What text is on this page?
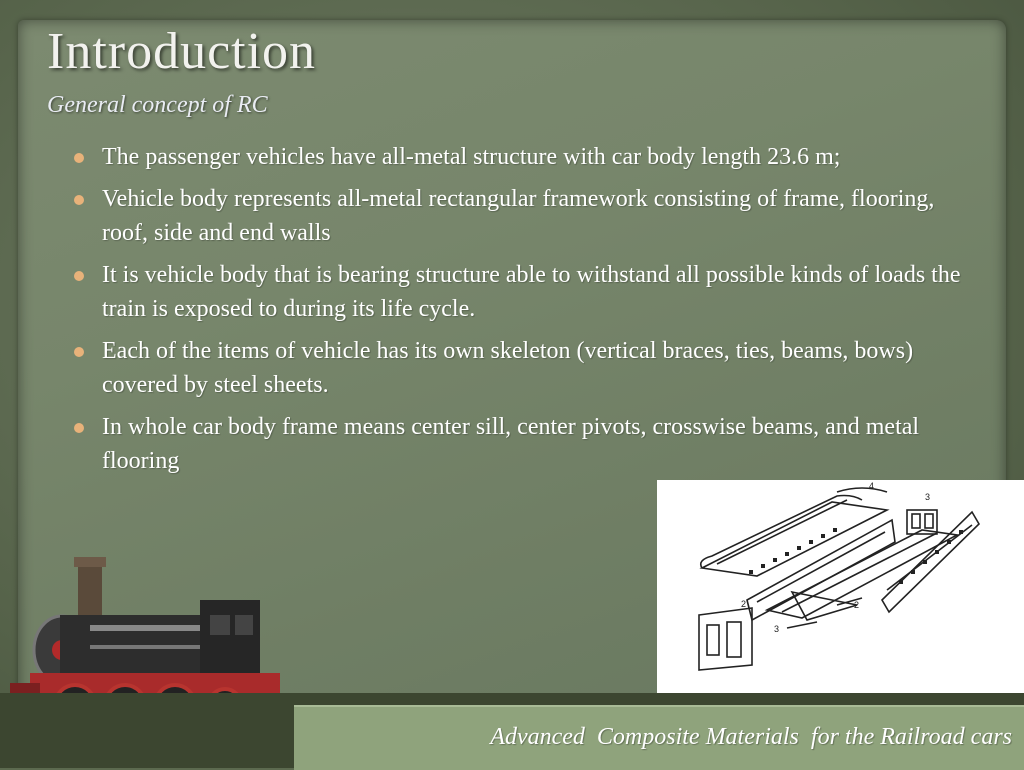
Introduction
General concept of RC
The passenger vehicles have all-metal structure with car body length 23.6 m;
Vehicle body represents all-metal rectangular framework consisting of frame, flooring, roof, side and end walls
It is vehicle body that is bearing structure able to withstand all possible kinds of loads the train is exposed to during its life cycle.
Each of the items of vehicle has its own skeleton (vertical braces, ties, beams, bows) covered by steel sheets.
In whole car body frame means center sill, center pivots, crosswise beams, and metal flooring
4
3
2
3
2
Advanced  Composite Materials  for the Railroad cars
